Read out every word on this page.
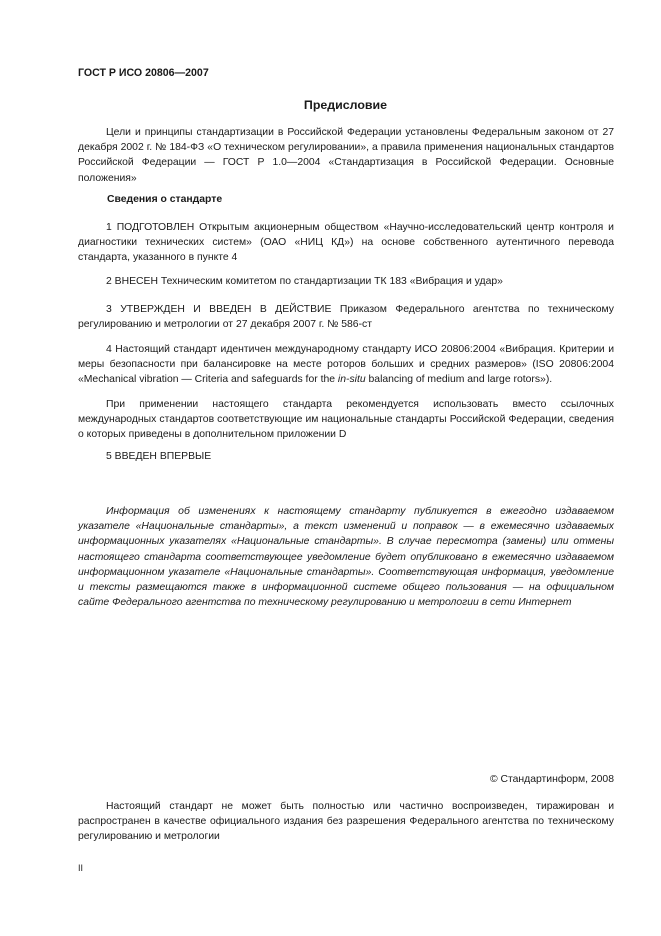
ГОСТ Р ИСО 20806—2007
Предисловие
Цели и принципы стандартизации в Российской Федерации установлены Федеральным законом от 27 декабря 2002 г. № 184-ФЗ «О техническом регулировании», а правила применения национальных стандартов Российской Федерации — ГОСТ Р 1.0—2004 «Стандартизация в Российской Федерации. Основные положения»
Сведения о стандарте
1 ПОДГОТОВЛЕН Открытым акционерным обществом «Научно-исследовательский центр контроля и диагностики технических систем» (ОАО «НИЦ КД») на основе собственного аутентичного перевода стандарта, указанного в пункте 4
2 ВНЕСЕН Техническим комитетом по стандартизации ТК 183 «Вибрация и удар»
3 УТВЕРЖДЕН И ВВЕДЕН В ДЕЙСТВИЕ Приказом Федерального агентства по техническому регулированию и метрологии от 27 декабря 2007 г. № 586-ст
4 Настоящий стандарт идентичен международному стандарту ИСО 20806:2004 «Вибрация. Критерии и меры безопасности при балансировке на месте роторов больших и средних размеров» (ISO 20806:2004 «Mechanical vibration — Criteria and safeguards for the in-situ balancing of medium and large rotors»).
При применении настоящего стандарта рекомендуется использовать вместо ссылочных международных стандартов соответствующие им национальные стандарты Российской Федерации, сведения о которых приведены в дополнительном приложении D
5 ВВЕДЕН ВПЕРВЫЕ
Информация об изменениях к настоящему стандарту публикуется в ежегодно издаваемом указателе «Национальные стандарты», а текст изменений и поправок — в ежемесячно издаваемых информационных указателях «Национальные стандарты». В случае пересмотра (замены) или отмены настоящего стандарта соответствующее уведомление будет опубликовано в ежемесячно издаваемом информационном указателе «Национальные стандарты». Соответствующая информация, уведомление и тексты размещаются также в информационной системе общего пользования — на официальном сайте Федерального агентства по техническому регулированию и метрологии в сети Интернет
© Стандартинформ, 2008
Настоящий стандарт не может быть полностью или частично воспроизведен, тиражирован и распространен в качестве официального издания без разрешения Федерального агентства по техническому регулированию и метрологии
II
